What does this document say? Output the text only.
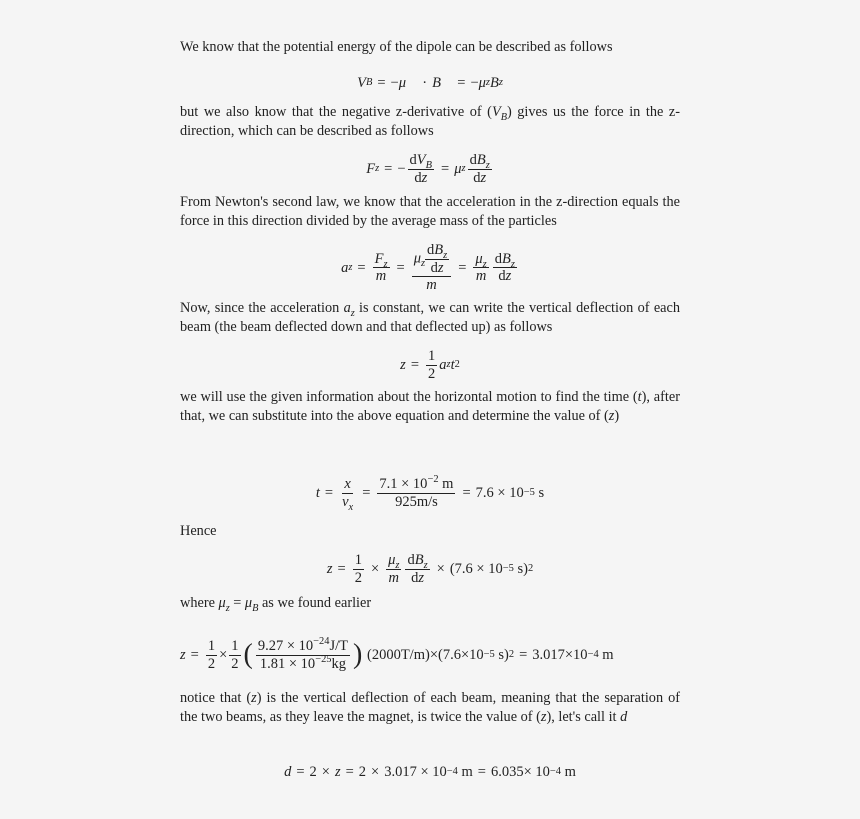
We know that the potential energy of the dipole can be described as follows
V B = − μ⃗ · B⃗ = − μ z B z
but we also know that the negative z-derivative of $(V_B)$ gives us the force in the z-direction, which can be described as follows
F z = − $\frac{dV_B}{dz} = \mu$ z $\frac{dB_z}{dz}$
From Newton's second law, we know that the acceleration in the z-direction equals the force in this direction divided by the average mass of the particles
a $z = \frac{F_z}{m} = \frac{\mu_z \frac{dB_z}{dz}}{m} = \frac{\mu_z}{m} \frac{dB_z}{dz}$
Now, since the acceleration $a_z$ is constant, we can write the vertical deflection of each beam (the beam deflected down and that deflected up) as follows
$z = \frac{1}{2}$ a z t 2
we will use the given information about the horizontal motion to find the time (t), after that, we can substitute into the above equation and determine the value of (z)
$t = \frac{x}{v_x} = \frac{7.1 \times 10^{-2} m}{925m/s} = 7.6 \times 10 -5$
s
Hence
$z = \frac{1}{2} \times \frac{\mu_z}{m} \frac{dB_z}{dz} \times (7.6 \times 10 -5$ s) 2
where $\mu_z = \mu_B$ as we found earlier
$z = \frac{1}{2} \times \frac{1}{2}$ ( $\frac{9.27 \times 10^{-24}J/T}{1.81 \times 10^{-25}kg}$ )
(2000T/m) ×(7.6×10 −5 s) 2 = 3.017 ×10 −4 m
notice that (z) is the vertical deflection of each beam, meaning that the separation of the two beams, as they leave the magnet, is twice the value of (z), let's call it d
d = 2 × z = 2 × 3.017 × 10 −4 m = 6.035 × 10 −4 m
